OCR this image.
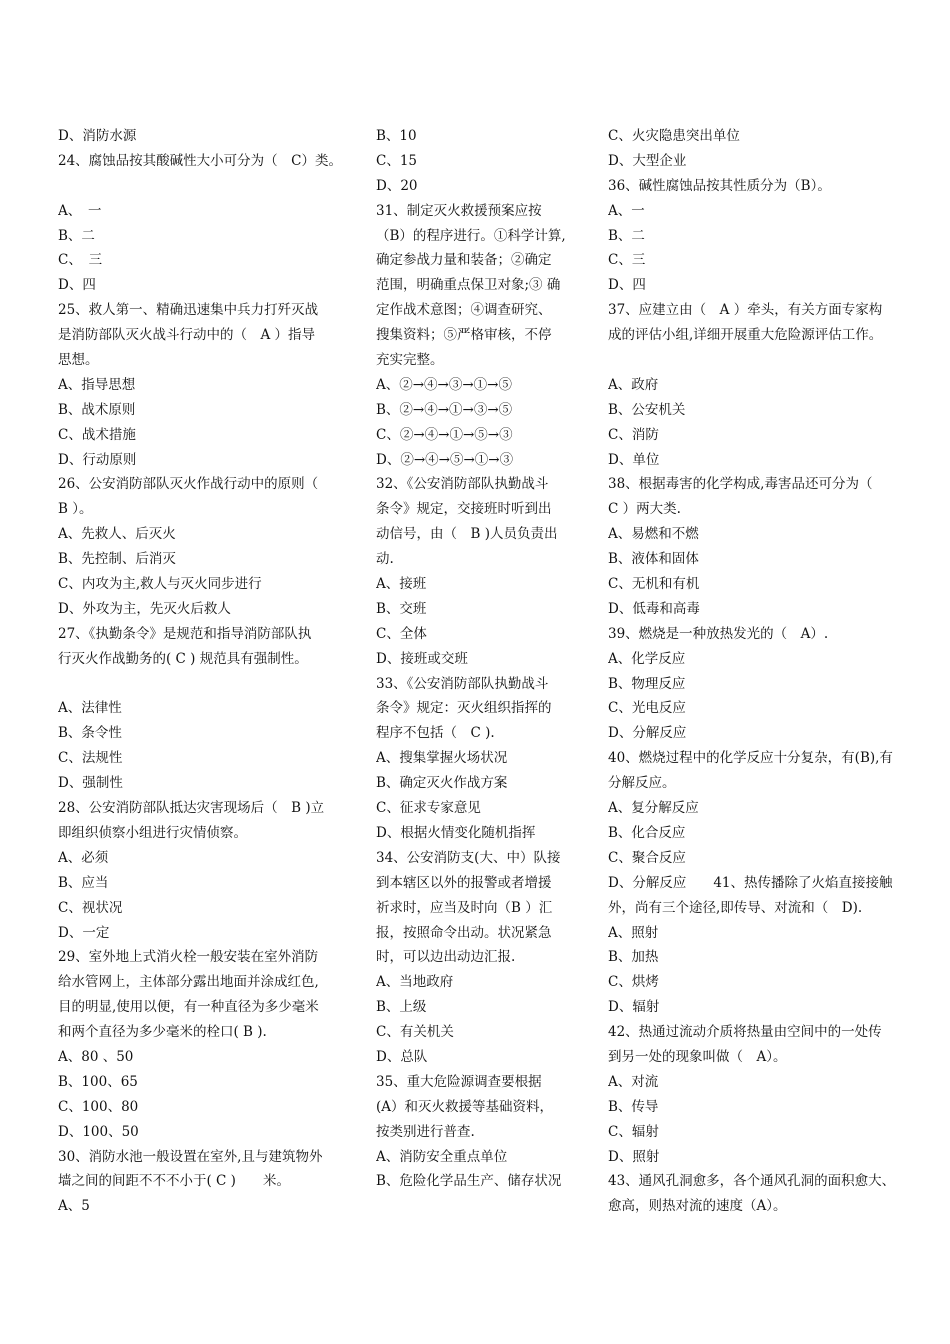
D、消防水源
24、腐蚀品按其酸碱性大小可分为（　C）类。
A、　一
B、二
C、　三
D、四
25、救人第一、精确迅速集中兵力打歼灭战
是消防部队灭火战斗行动中的（　A ）指导
思想。
A、指导思想
B、战术原则
C、战术措施
D、行动原则
26、公安消防部队灭火作战行动中的原则（
B ）。
A、先救人、后灭火
B、先控制、后消灭
C、内攻为主,救人与灭火同步进行
D、外攻为主，先灭火后救人
27、《执勤条令》是规范和指导消防部队执
行灭火作战勤务的( C ) 规范具有强制性。
A、法律性
B、条令性
C、法规性
D、强制性
28、公安消防部队抵达灾害现场后（　B )立
即组织侦察小组进行灾情侦察。
A、必须
B、应当
C、视状况
D、一定
29、室外地上式消火栓一般安装在室外消防
给水管网上，主体部分露出地面并涂成红色,
目的明显,使用以便，有一种直径为多少毫米
和两个直径为多少毫米的栓口( B ).
A、80 、50
B、100、65
C、100、80
D、100、50
30、消防水池一般设置在室外,且与建筑物外
墙之间的间距不不不小于( C )　　米。
A、5
B、10
C、15
D、20
31、制定灭火救援预案应按
（B）的程序进行。①科学计算,
确定参战力量和装备；②确定
范围，明确重点保卫对象;③ 确
定作战术意图；④调查研究、
搜集资料；⑤严格审核，不停
充实完整。
A、②→④→③→①→⑤
B、②→④→①→③→⑤
C、②→④→①→⑤→③
D、②→④→⑤→①→③
32、《公安消防部队执勤战斗
条令》规定，交接班时听到出
动信号，由（　B )人员负责出
动.
A、接班
B、交班
C、全体
D、接班或交班
33、《公安消防部队执勤战斗
条令》规定：灭火组织指挥的
程序不包括（　C ).
A、搜集掌握火场状况
B、确定灭火作战方案
C、征求专家意见
D、根据火情变化随机指挥
34、公安消防支(大、中）队接
到本辖区以外的报警或者增援
祈求时，应当及时向（B ）汇
报，按照命令出动。状况紧急
时，可以边出动边汇报.
A、当地政府
B、上级
C、有关机关
D、总队
35、重大危险源调查要根据
(A）和灭火救援等基础资料，
按类别进行普查.
A、消防安全重点单位
B、危险化学品生产、储存状况
C、火灾隐患突出单位
D、大型企业
36、碱性腐蚀品按其性质分为（B）。
A、一
B、二
C、三
D、四
37、应建立由（　A ）牵头，有关方面专家构
成的评估小组,详细开展重大危险源评估工作。
A、政府
B、公安机关
C、消防
D、单位
38、根据毒害的化学构成,毒害品还可分为（
C ）两大类.
A、易燃和不燃
B、液体和固体
C、无机和有机
D、低毒和高毒
39、燃烧是一种放热发光的（　A）.
A、化学反应
B、物理反应
C、光电反应
D、分解反应
40、燃烧过程中的化学反应十分复杂，有(B),有
分解反应。
A、复分解反应
B、化合反应
C、聚合反应
D、分解反应　　41、热传播除了火焰直接接触
外，尚有三个途径,即传导、对流和（　D).
A、照射
B、加热
C、烘烤
D、辐射
42、热通过流动介质将热量由空间中的一处传
到另一处的现象叫做（　A）。
A、对流
B、传导
C、辐射
D、照射
43、通风孔洞愈多，各个通风孔洞的面积愈大、
愈高，则热对流的速度（A）。
